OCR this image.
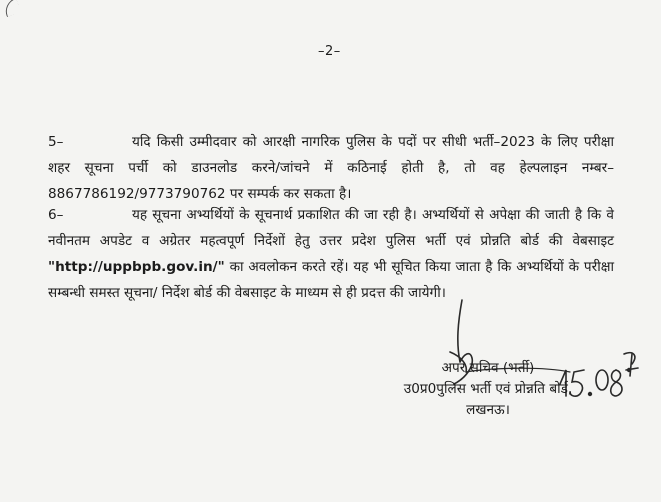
–2–
5–	यदि किसी उम्मीदवार को आरक्षी नागरिक पुलिस के पदों पर सीधी भर्ती–2023 के लिए परीक्षा शहर सूचना पर्ची को डाउनलोड करने/जांचने में कठिनाई होती है, तो वह हेल्पलाइन नम्बर–8867786192/9773790762 पर सम्पर्क कर सकता है।
6–	यह सूचना अभ्यर्थियों के सूचनार्थ प्रकाशित की जा रही है। अभ्यर्थियों से अपेक्षा की जाती है कि वे नवीनतम अपडेट व अग्रेतर महत्वपूर्ण निर्देशों हेतु उत्तर प्रदेश पुलिस भर्ती एवं प्रोन्नति बोर्ड की वेबसाइट "http://uppbpb.gov.in/" का अवलोकन करते रहें। यह भी सूचित किया जाता है कि अभ्यर्थियों के परीक्षा सम्बन्धी समस्त सूचना/ निर्देश बोर्ड की वेबसाइट के माध्यम से ही प्रदत्त की जायेगी।
अपर सचिव (भर्ती)
उ0प्र0पुलिस भर्ती एवं प्रोन्नति बोर्ड,
लखनऊ।
